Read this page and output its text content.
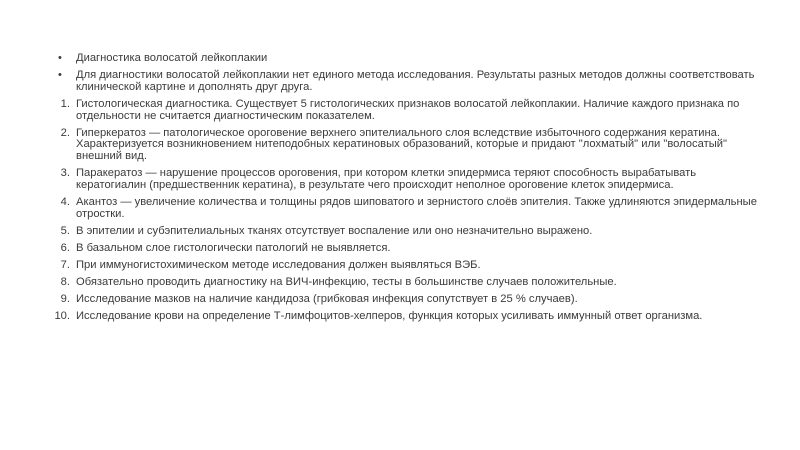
• Диагностика волосатой лейкоплакии
• Для диагностики волосатой лейкоплакии нет единого метода исследования. Результаты разных методов должны соответствовать клинической картине и дополнять друг друга.
1. Гистологическая диагностика. Существует 5 гистологических признаков волосатой лейкоплакии. Наличие каждого признака по отдельности не считается диагностическим показателем.
2. Гиперкератоз — патологическое ороговение верхнего эпителиального слоя вследствие избыточного содержания кератина. Характеризуется возникновением нитеподобных кератиновых образований, которые и придают "лохматый" или "волосатый" внешний вид.
3. Паракератоз — нарушение процессов ороговения, при котором клетки эпидермиса теряют способность вырабатывать кератогиалин (предшественник кератина), в результате чего происходит неполное ороговение клеток эпидермиса.
4. Акантоз — увеличение количества и толщины рядов шиповатого и зернистого слоёв эпителия. Также удлиняются эпидермальные отростки.
5. В эпителии и субэпителиальных тканях отсутствует воспаление или оно незначительно выражено.
6. В базальном слое гистологически патологий не выявляется.
7. При иммуногистохимическом методе исследования должен выявляться ВЭБ.
8. Обязательно проводить диагностику на ВИЧ-инфекцию, тесты в большинстве случаев положительные.
9. Исследование мазков на наличие кандидоза (грибковая инфекция сопутствует в 25 % случаев).
10. Исследование крови на определение Т-лимфоцитов-хелперов, функция которых усиливать иммунный ответ организма.
